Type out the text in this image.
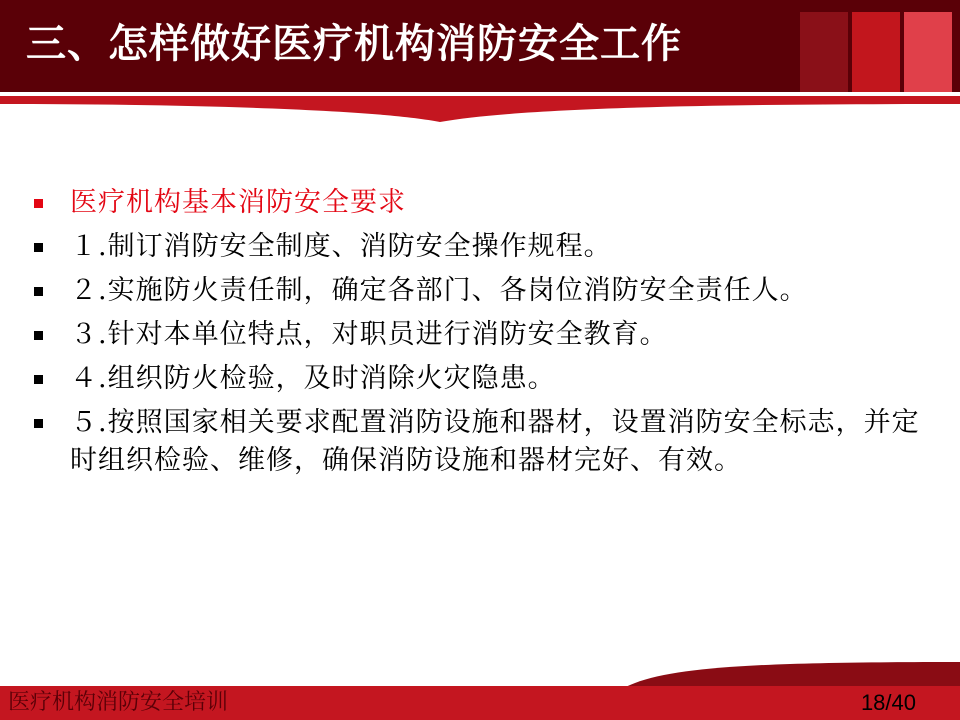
三、怎样做好医疗机构消防安全工作
医疗机构基本消防安全要求
１.制订消防安全制度、消防安全操作规程。
２.实施防火责任制，确定各部门、各岗位消防安全责任人。
３.针对本单位特点，对职员进行消防安全教育。
４.组织防火检验，及时消除火灾隐患。
５.按照国家相关要求配置消防设施和器材，设置消防安全标志，并定时组织检验、维修，确保消防设施和器材完好、有效。
医疗机构消防安全培训	18/40
